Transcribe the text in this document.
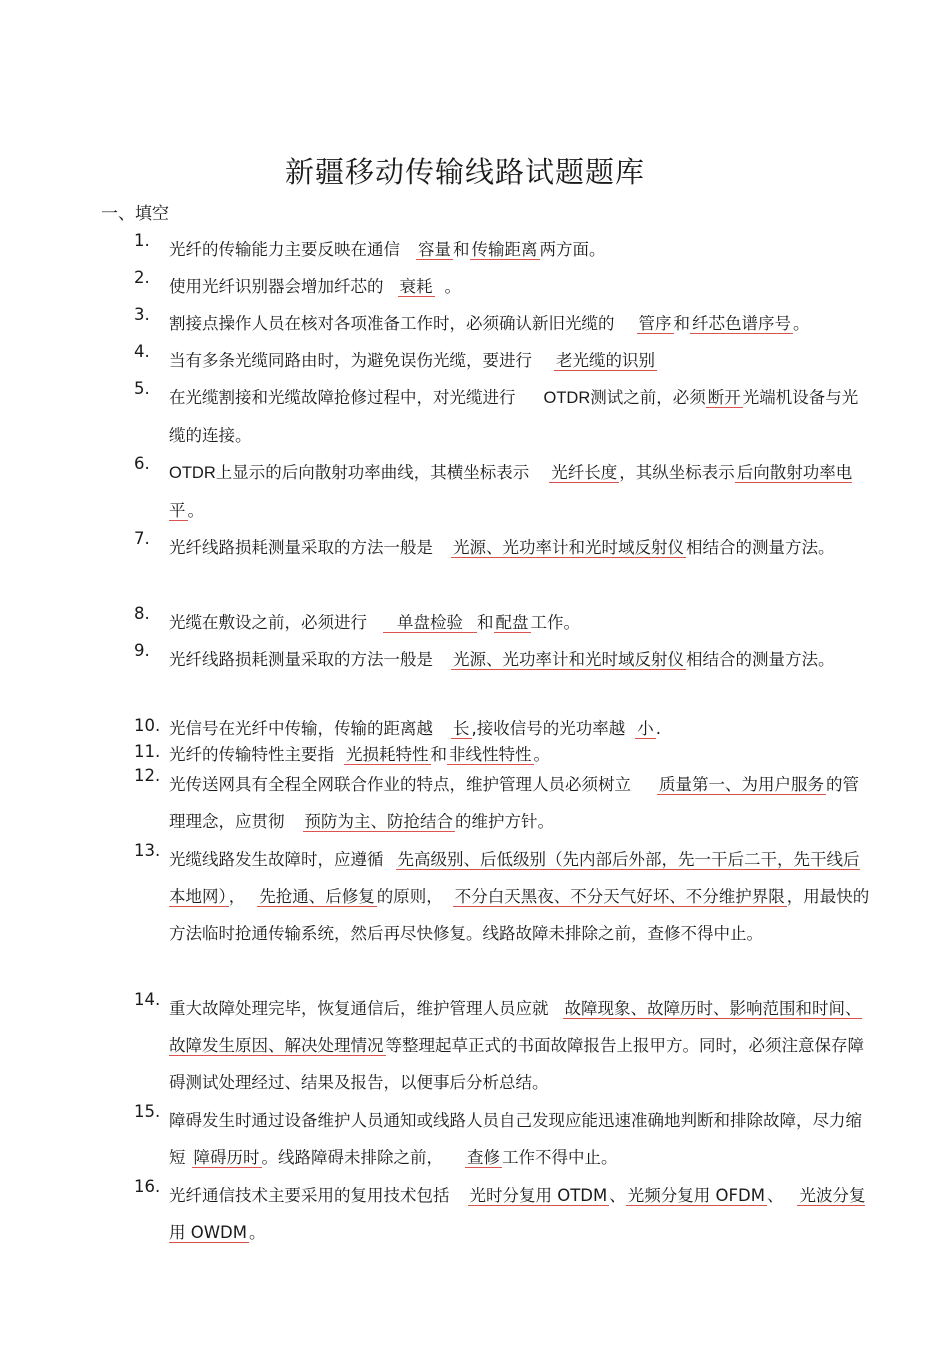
新疆移动传输线路试题题库
一、填空
1.	光纤的传输能力主要反映在通信 容量 和 传输距离 两方面。
2.	使用光纤识别器会增加纤芯的 衰耗 。
3.	割接点操作人员在核对各项准备工作时，必须确认新旧光缆的 管序 和 纤芯色谱序号 。
4.	当有多条光缆同路由时，为避免误伤光缆，要进行 老光缆的识别
5.	在光缆割接和光缆故障抢修过程中，对光缆进行 OTDR测试之前，必须 断开 光端机设备与光缆的连接。
6.	OTDR上显示的后向散射功率曲线，其横坐标表示 光纤长度 ，其纵坐标表示 后向散射功率电平 。
7.	光纤线路损耗测量采取的方法一般是 光源、光功率计和光时域反射仪 相结合的测量方法。
8.	光缆在敷设之前，必须进行 单盘检验 和 配盘 工作。
9.	光纤线路损耗测量采取的方法一般是 光源、光功率计和光时域反射仪 相结合的测量方法。
10. 光信号在光纤中传输，传输的距离越 长 ,接收信号的光功率越 小 .
11. 光纤的传输特性主要指 光损耗特性 和 非线性特性 。
12. 光传送网具有全程全网联合作业的特点，维护管理人员必须树立 质量第一、为用户服务 的管理理念，应贯彻 预防为主、防抢结合 的维护方针。
13. 光缆线路发生故障时，应遵循 先高级别、后低级别（先内部后外部，先一干后二干，先干线后本地网） ， 先抢通、后修复 的原则， 不分白天黑夜、不分天气好坏、不分维护界限 ，用最快的方法临时抢通传输系统，然后再尽快修复。线路故障未排除之前，查修不得中止。
14. 重大故障处理完毕，恢复通信后，维护管理人员应就 故障现象、故障历时、影响范围和时间、故障发生原因、解决处理情况 等整理起草正式的书面故障报告上报甲方。同时，必须注意保存障碍测试处理经过、结果及报告，以便事后分析总结。
15. 障碍发生时通过设备维护人员通知或线路人员自己发现应能迅速准确地判断和排除故障，尽力缩短 障碍历时 。线路障碍未排除之前， 查修 工作不得中止。
16. 光纤通信技术主要采用的复用技术包括 光时分复用 OTDM 、 光频分复用 OFDM 、 光波分复用 OWDM 。
